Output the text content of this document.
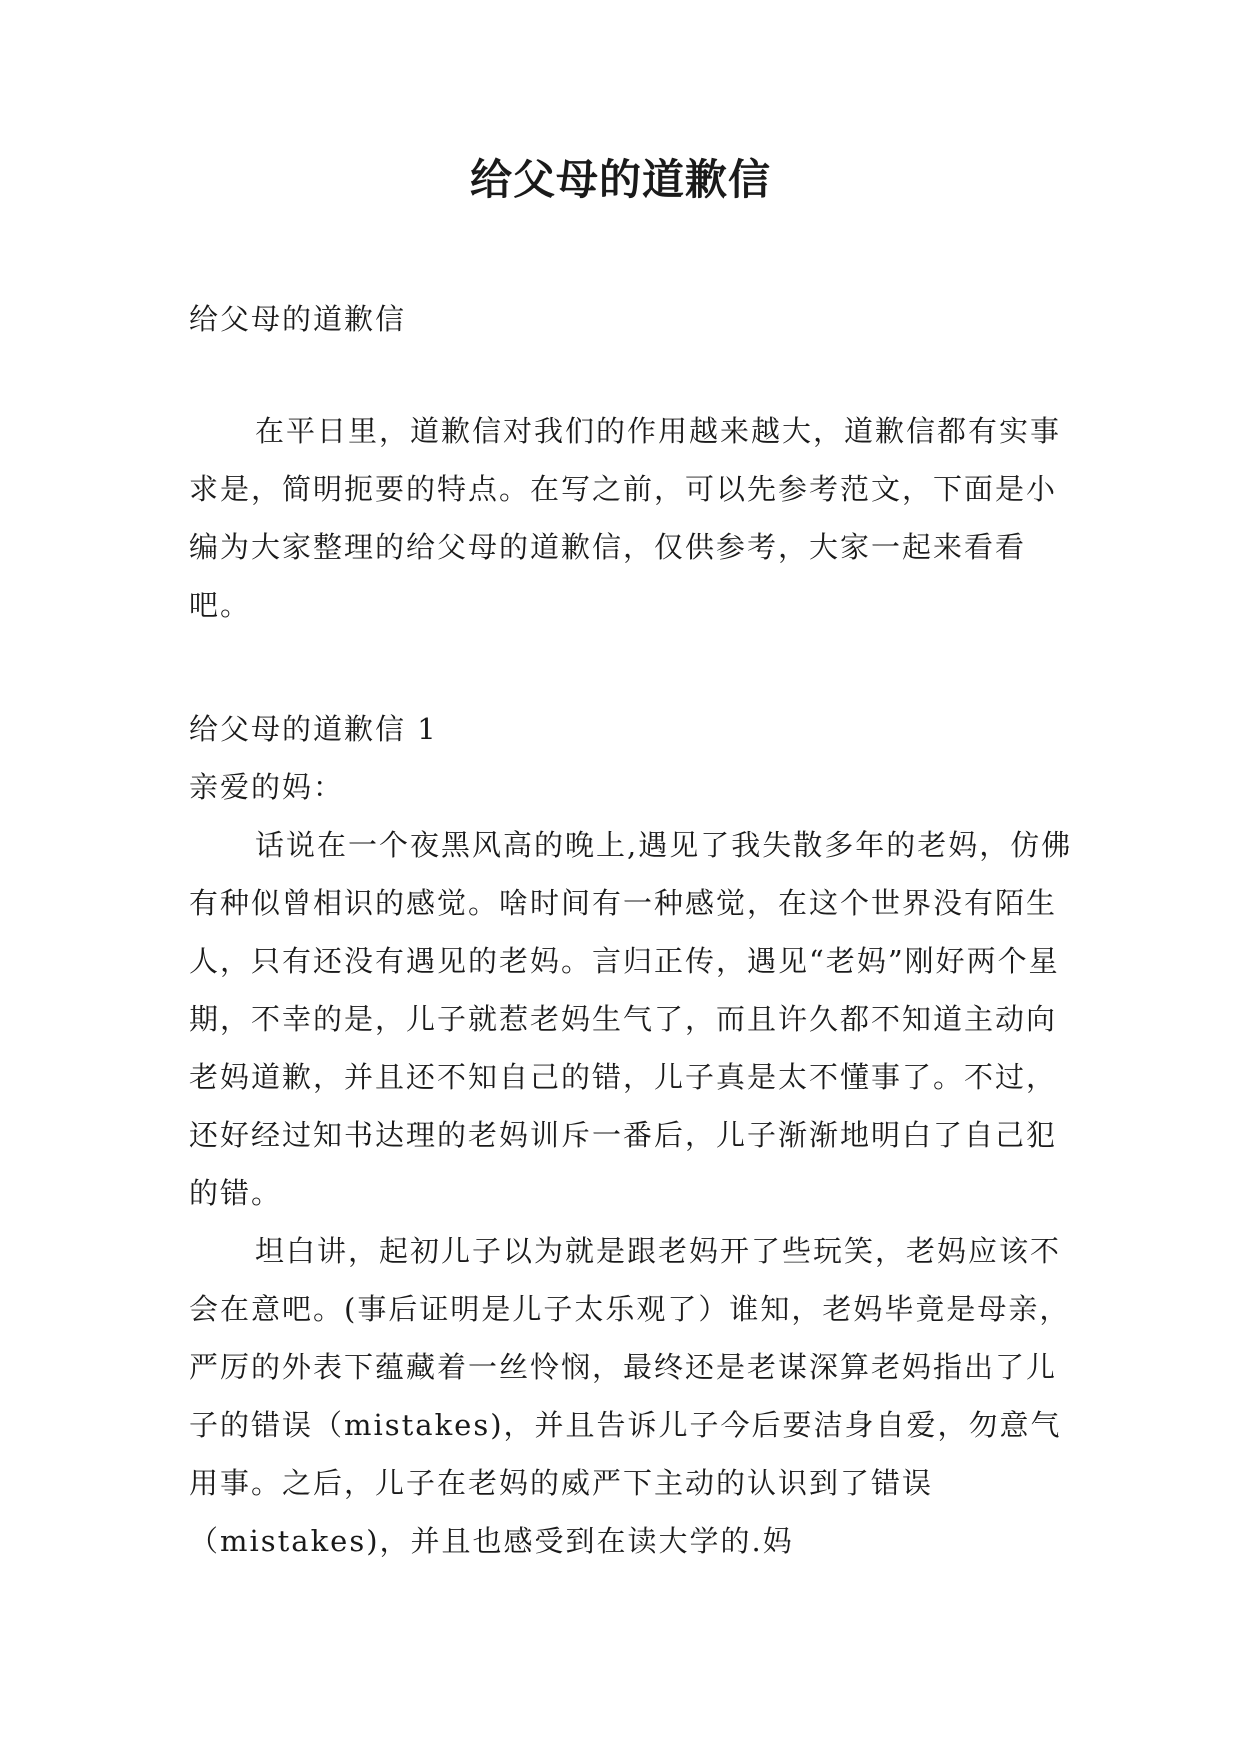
给父母的道歉信

给父母的道歉信

在平日里，道歉信对我们的作用越来越大，道歉信都有实事求是，简明扼要的特点。在写之前，可以先参考范文，下面是小编为大家整理的给父母的道歉信，仅供参考，大家一起来看看吧。

给父母的道歉信 1

亲爱的妈：

话说在一个夜黑风高的晚上,遇见了我失散多年的老妈，仿佛有种似曾相识的感觉。啥时间有一种感觉，在这个世界没有陌生人，只有还没有遇见的老妈。言归正传，遇见“老妈”刚好两个星期，不幸的是，儿子就惹老妈生气了，而且许久都不知道主动向老妈道歉，并且还不知自己的错，儿子真是太不懂事了。不过，还好经过知书达理的老妈训斥一番后，儿子渐渐地明白了自己犯的错。

坦白讲，起初儿子以为就是跟老妈开了些玩笑，老妈应该不会在意吧。(事后证明是儿子太乐观了）谁知，老妈毕竟是母亲，严厉的外表下蕴藏着一丝怜悯，最终还是老谋深算老妈指出了儿子的错误（mistakes)，并且告诉儿子今后要洁身自爱，勿意气用事。之后，儿子在老妈的威严下主动的认识到了错误（mistakes)，并且也感受到在读大学的.妈
